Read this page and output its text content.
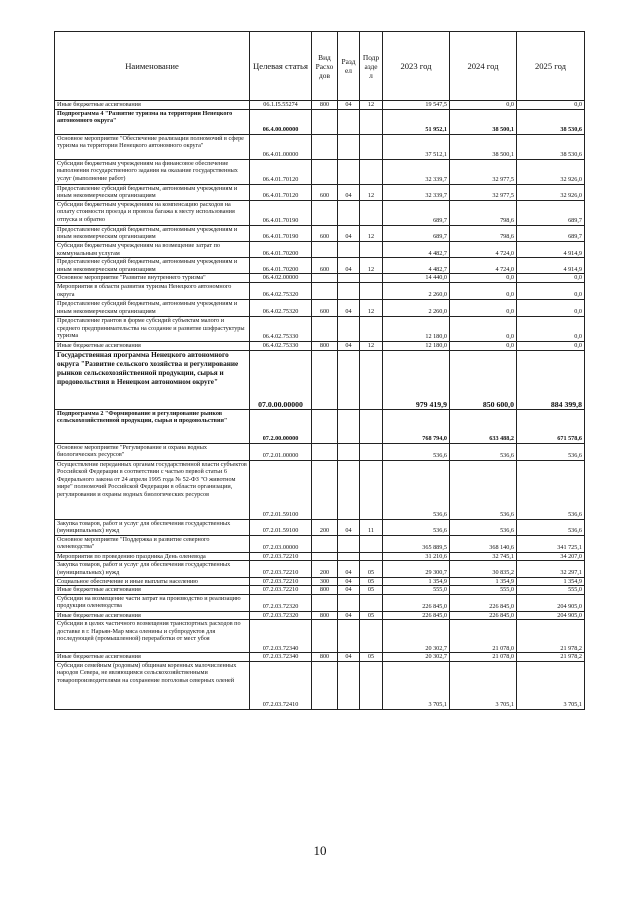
Наименование	Целевая статья	Вид Расхо дов	Разд ел	Подр азде л	2023 год	2024 год	2025 год
Иные бюджетные ассигнования	06.1.I5.55274	800	04	12	19 547,5	0,0	0,0
Подпрограмма 4 "Развитие туризма на территории Ненецкого автономного округа"	06.4.00.00000				51 952,1	38 500,1	38 530,6
Основное мероприятие "Обеспечение реализации полномочий в сфере туризма на территории Ненецкого автономного округа"	06.4.01.00000				37 512,1	38 500,1	38 530,6
Субсидии бюджетным учреждениям на финансовое обеспечение выполнения государственного задания на оказание государственных услуг (выполнение работ)	06.4.01.70120				32 339,7	32 977,5	32 926,0
Предоставление субсидий бюджетным, автономным учреждениям и иным некоммерческим организациям	06.4.01.70120	600	04	12	32 339,7	32 977,5	32 926,0
Субсидии бюджетным учреждениям на компенсацию расходов на оплату стоимости проезда и провоза багажа к месту использования отпуска и обратно	06.4.01.70190				689,7	798,6	689,7
Предоставление субсидий бюджетным, автономным учреждениям и иным некоммерческим организациям	06.4.01.70190	600	04	12	689,7	798,6	689,7
Субсидии бюджетным учреждениям на возмещение затрат по коммунальным услугам	06.4.01.70200				4 482,7	4 724,0	4 914,9
Предоставление субсидий бюджетным, автономным учреждениям и иным некоммерческим организациям	06.4.01.70200	600	04	12	4 482,7	4 724,0	4 914,9
Основное мероприятие "Развитие внутреннего туризма"	06.4.02.00000				14 440,0	0,0	0,0
Мероприятия в области развития туризма Ненецкого автономного округа	06.4.02.75320				2 260,0	0,0	0,0
Предоставление субсидий бюджетным, автономным учреждениям и иным некоммерческим организациям	06.4.02.75320	600	04	12	2 260,0	0,0	0,0
Предоставление грантов в форме субсидий субъектам малого и среднего предпринимательства на создание и развитие шэфрастуктуры туризма	06.4.02.75330				12 180,0	0,0	0,0
Иные бюджетные ассигнования	06.4.02.75330	800	04	12	12 180,0	0,0	0,0
Государственная программа Ненецкого автономного округа "Развитие сельского хозяйства и регулирование рынков сельскохозяйственной продукции, сырья и продовольствия в Ненецком автономном округе"	07.0.00.00000				979 419,9	850 600,0	884 399,8
Подпрограмма 2 "Формирование и регулирование рынков сельскохозяйственной продукции, сырья и продовольствия"	07.2.00.00000				768 794,0	633 488,2	671 578,6
Основное мероприятие "Регулирование и охрана водных биологических ресурсов"	07.2.01.00000				536,6	536,6	536,6
Осуществление переданных органам государственной власти субъектов Российской Федерации в соответствии с частью первой статьи 6 Федерального закона от 24 апреля 1995 года № 52-ФЗ "О животном мире" полномочий Российской Федерации в области организации, регулирования и охраны водных биологических ресурсов	07.2.01.59100				536,6	536,6	536,6
Закупка товаров, работ и услуг для обеспечения государственных (муниципальных) нужд	07.2.01.59100	200	04	11	536,6	536,6	536,6
Основное мероприятие "Поддержка и развитие северного оленеводства"	07.2.03.00000				365 889,5	368 140,6	341 725,1
Мероприятия по проведению праздника День оленевода	07.2.03.72210				31 210,6	32 745,1	34 207,0
Закупка товаров, работ и услуг для обеспечения государственных (муниципальных) нужд	07.2.03.72210	200	04	05	29 300,7	30 835,2	32 297,1
Социальное обеспечение и иные выплаты населению	07.2.03.72210	300	04	05	1 354,9	1 354,9	1 354,9
Иные бюджетные ассигнования	07.2.03.72210	800	04	05	555,0	555,0	555,0
Субсидии на возмещение части затрат на производство и реализацию продукции оленеводства	07.2.03.72320				226 845,0	226 845,0	204 905,0
Иные бюджетные ассигнования	07.2.03.72320	800	04	05	226 845,0	226 845,0	204 905,0
Субсидии в целях частичного возмещения транспортных расходов по доставке в г. Нарьян-Мар мяса оленины и субпродуктов для последующей (промышленной) переработки от мест убоя	07.2.03.72340				20 302,7	21 078,0	21 978,2
Иные бюджетные ассигнования	07.2.03.72340	800	04	05	20 302,7	21 078,0	21 978,2
Субсидии семейным (родовым) общинам коренных малочисленных народов Севера, не являющимся сельскохозяйственными товаропроизводителями на сохранение поголовья северных оленей	07.2.03.72410				3 705,1	3 705,1	3 705,1
10
